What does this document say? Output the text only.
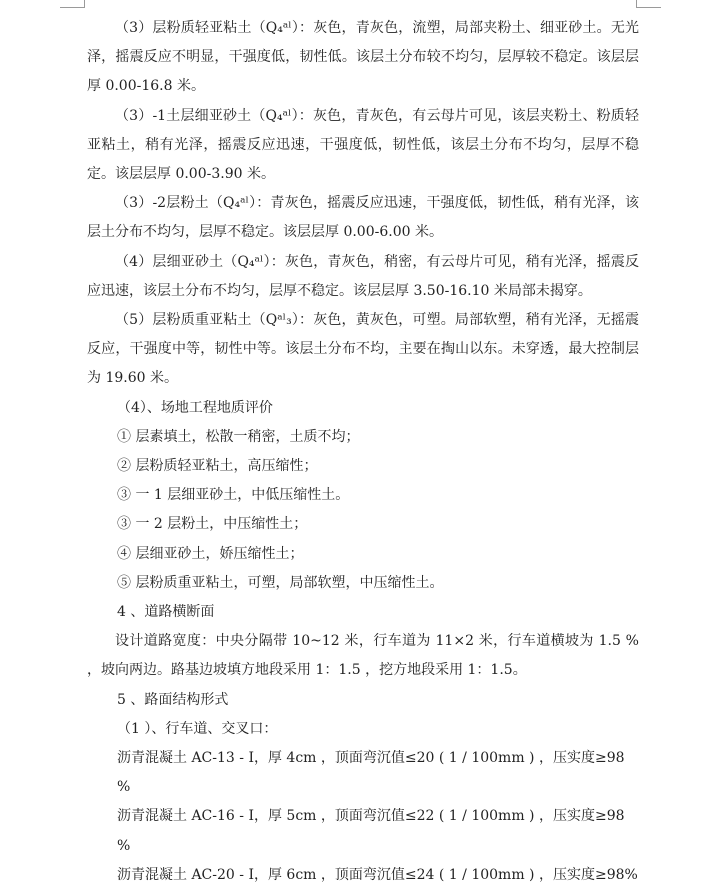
（3）层粉质轻亚粘土（Q₄ᵃˡ）：灰色，青灰色，流塑，局部夹粉土、细亚砂土。无光泽，摇震反应不明显，干强度低，韧性低。该层土分布较不均匀，层厚较不稳定。该层层厚 0.00-16.8 米。

（3）-1土层细亚砂土（Q₄ᵃˡ）：灰色，青灰色，有云母片可见，该层夹粉土、粉质轻亚粘土，稍有光泽，摇震反应迅速，干强度低，韧性低，该层土分布不均匀，层厚不稳定。该层层厚 0.00-3.90 米。

（3）-2层粉土（Q₄ᵃˡ）：青灰色，摇震反应迅速，干强度低，韧性低，稍有光泽，该层土分布不均匀，层厚不稳定。该层层厚 0.00-6.00 米。

（4）层细亚砂土（Q₄ᵃˡ）：灰色，青灰色，稍密，有云母片可见，稍有光泽，摇震反应迅速，该层土分布不均匀，层厚不稳定。该层层厚 3.50-16.10 米局部未揭穿。

（5）层粉质重亚粘土（Qᵃˡ₃）：灰色，黄灰色，可塑。局部软塑，稍有光泽，无摇震反应，干强度中等，韧性中等。该层土分布不均，主要在掏山以东。未穿透，最大控制层为 19.60 米。

（4）、场地工程地质评价

① 层素填土，松散一稍密，土质不均；

② 层粉质轻亚粘土，高压缩性；

③ 一 1 层细亚砂土，中低压缩性土。

③ 一 2 层粉土，中压缩性土；

④ 层细亚砂土，娇压缩性土；

⑤ 层粉质重亚粘土，可塑，局部软塑，中压缩性土。

4 、道路横断面

设计道路宽度：中央分隔带 10~12 米，行车道为 11×2 米，行车道横坡为 1.5 % ，坡向两边。路基边坡填方地段采用 1：1.5 ，挖方地段采用 1：1.5。

5 、路面结构形式

（1 ）、行车道、交叉口：

沥青混凝土 AC-13 - Ⅰ，厚 4cm ，顶面弯沉值≤20 ( 1 / 100mm ) ，压实度≥98 %

沥青混凝土 AC-16 - Ⅰ，厚 5cm ，顶面弯沉值≤22 ( 1 / 100mm ) ，压实度≥98 %

沥青混凝土 AC-20 - Ⅰ，厚 6cm ，顶面弯沉值≤24 ( 1 / 100mm ) ，压实度≥98%
